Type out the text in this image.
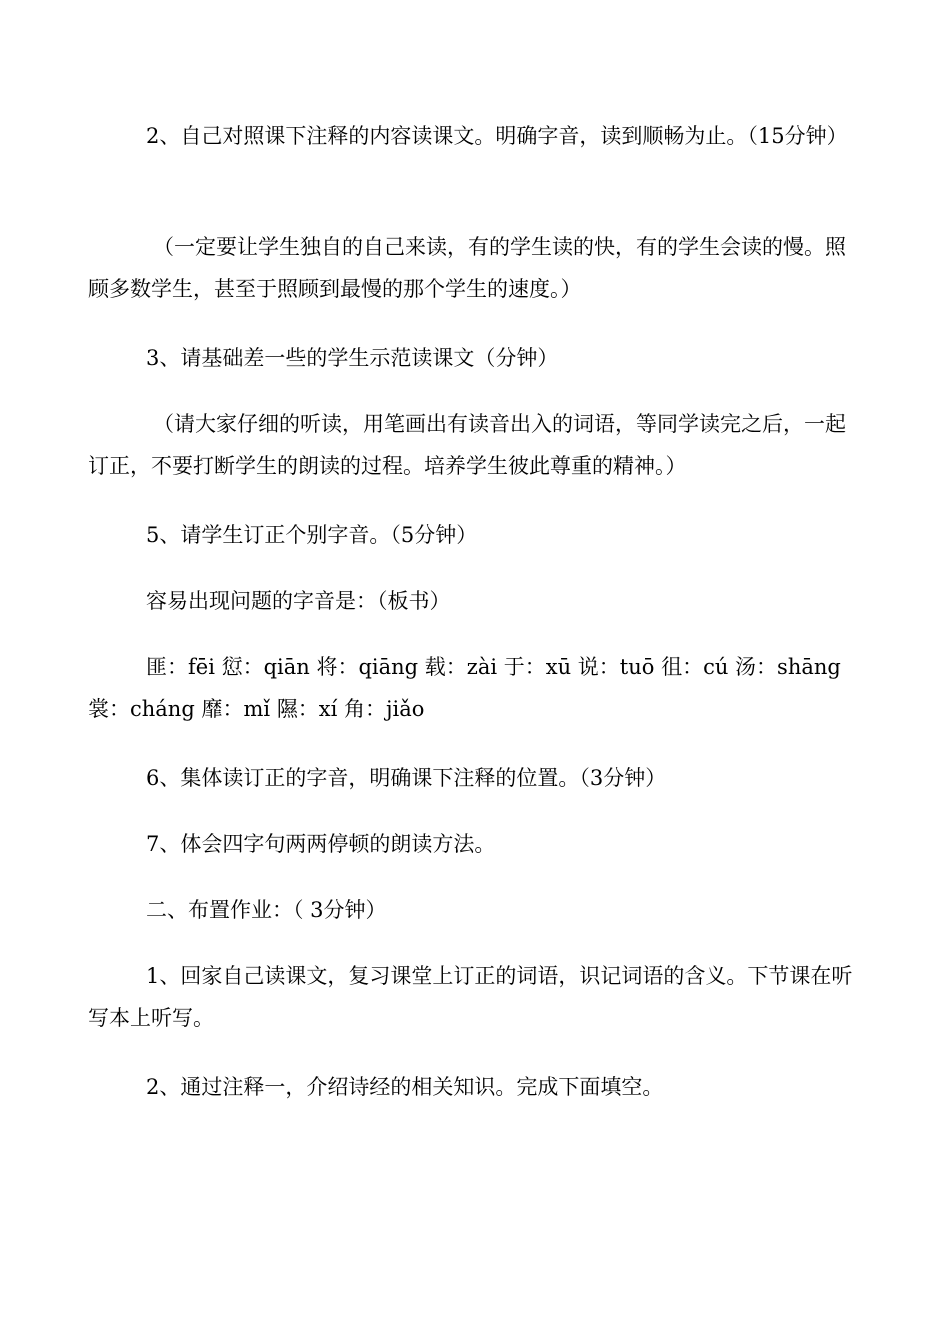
2、自己对照课下注释的内容读课文。明确字音，读到顺畅为止。（15分钟）

（一定要让学生独自的自己来读，有的学生读的快，有的学生会读的慢。照顾多数学生，甚至于照顾到最慢的那个学生的速度。）

3、请基础差一些的学生示范读课文（分钟）

（请大家仔细的听读，用笔画出有读音出入的词语，等同学读完之后，一起订正，不要打断学生的朗读的过程。培养学生彼此尊重的精神。）

5、请学生订正个别字音。（5分钟）

容易出现问题的字音是：（板书）

匪：fēi 愆：qiān 将：qiāng 载：zài 于：xū 说：tuō 徂：cú 汤：shāng 裳：cháng 靡：mǐ 隰：xí 角：jiǎo

6、集体读订正的字音，明确课下注释的位置。（3分钟）

7、体会四字句两两停顿的朗读方法。

二、布置作业：（ 3分钟）

1、回家自己读课文，复习课堂上订正的词语，识记词语的含义。下节课在听写本上听写。

2、通过注释一，介绍诗经的相关知识。完成下面填空。
